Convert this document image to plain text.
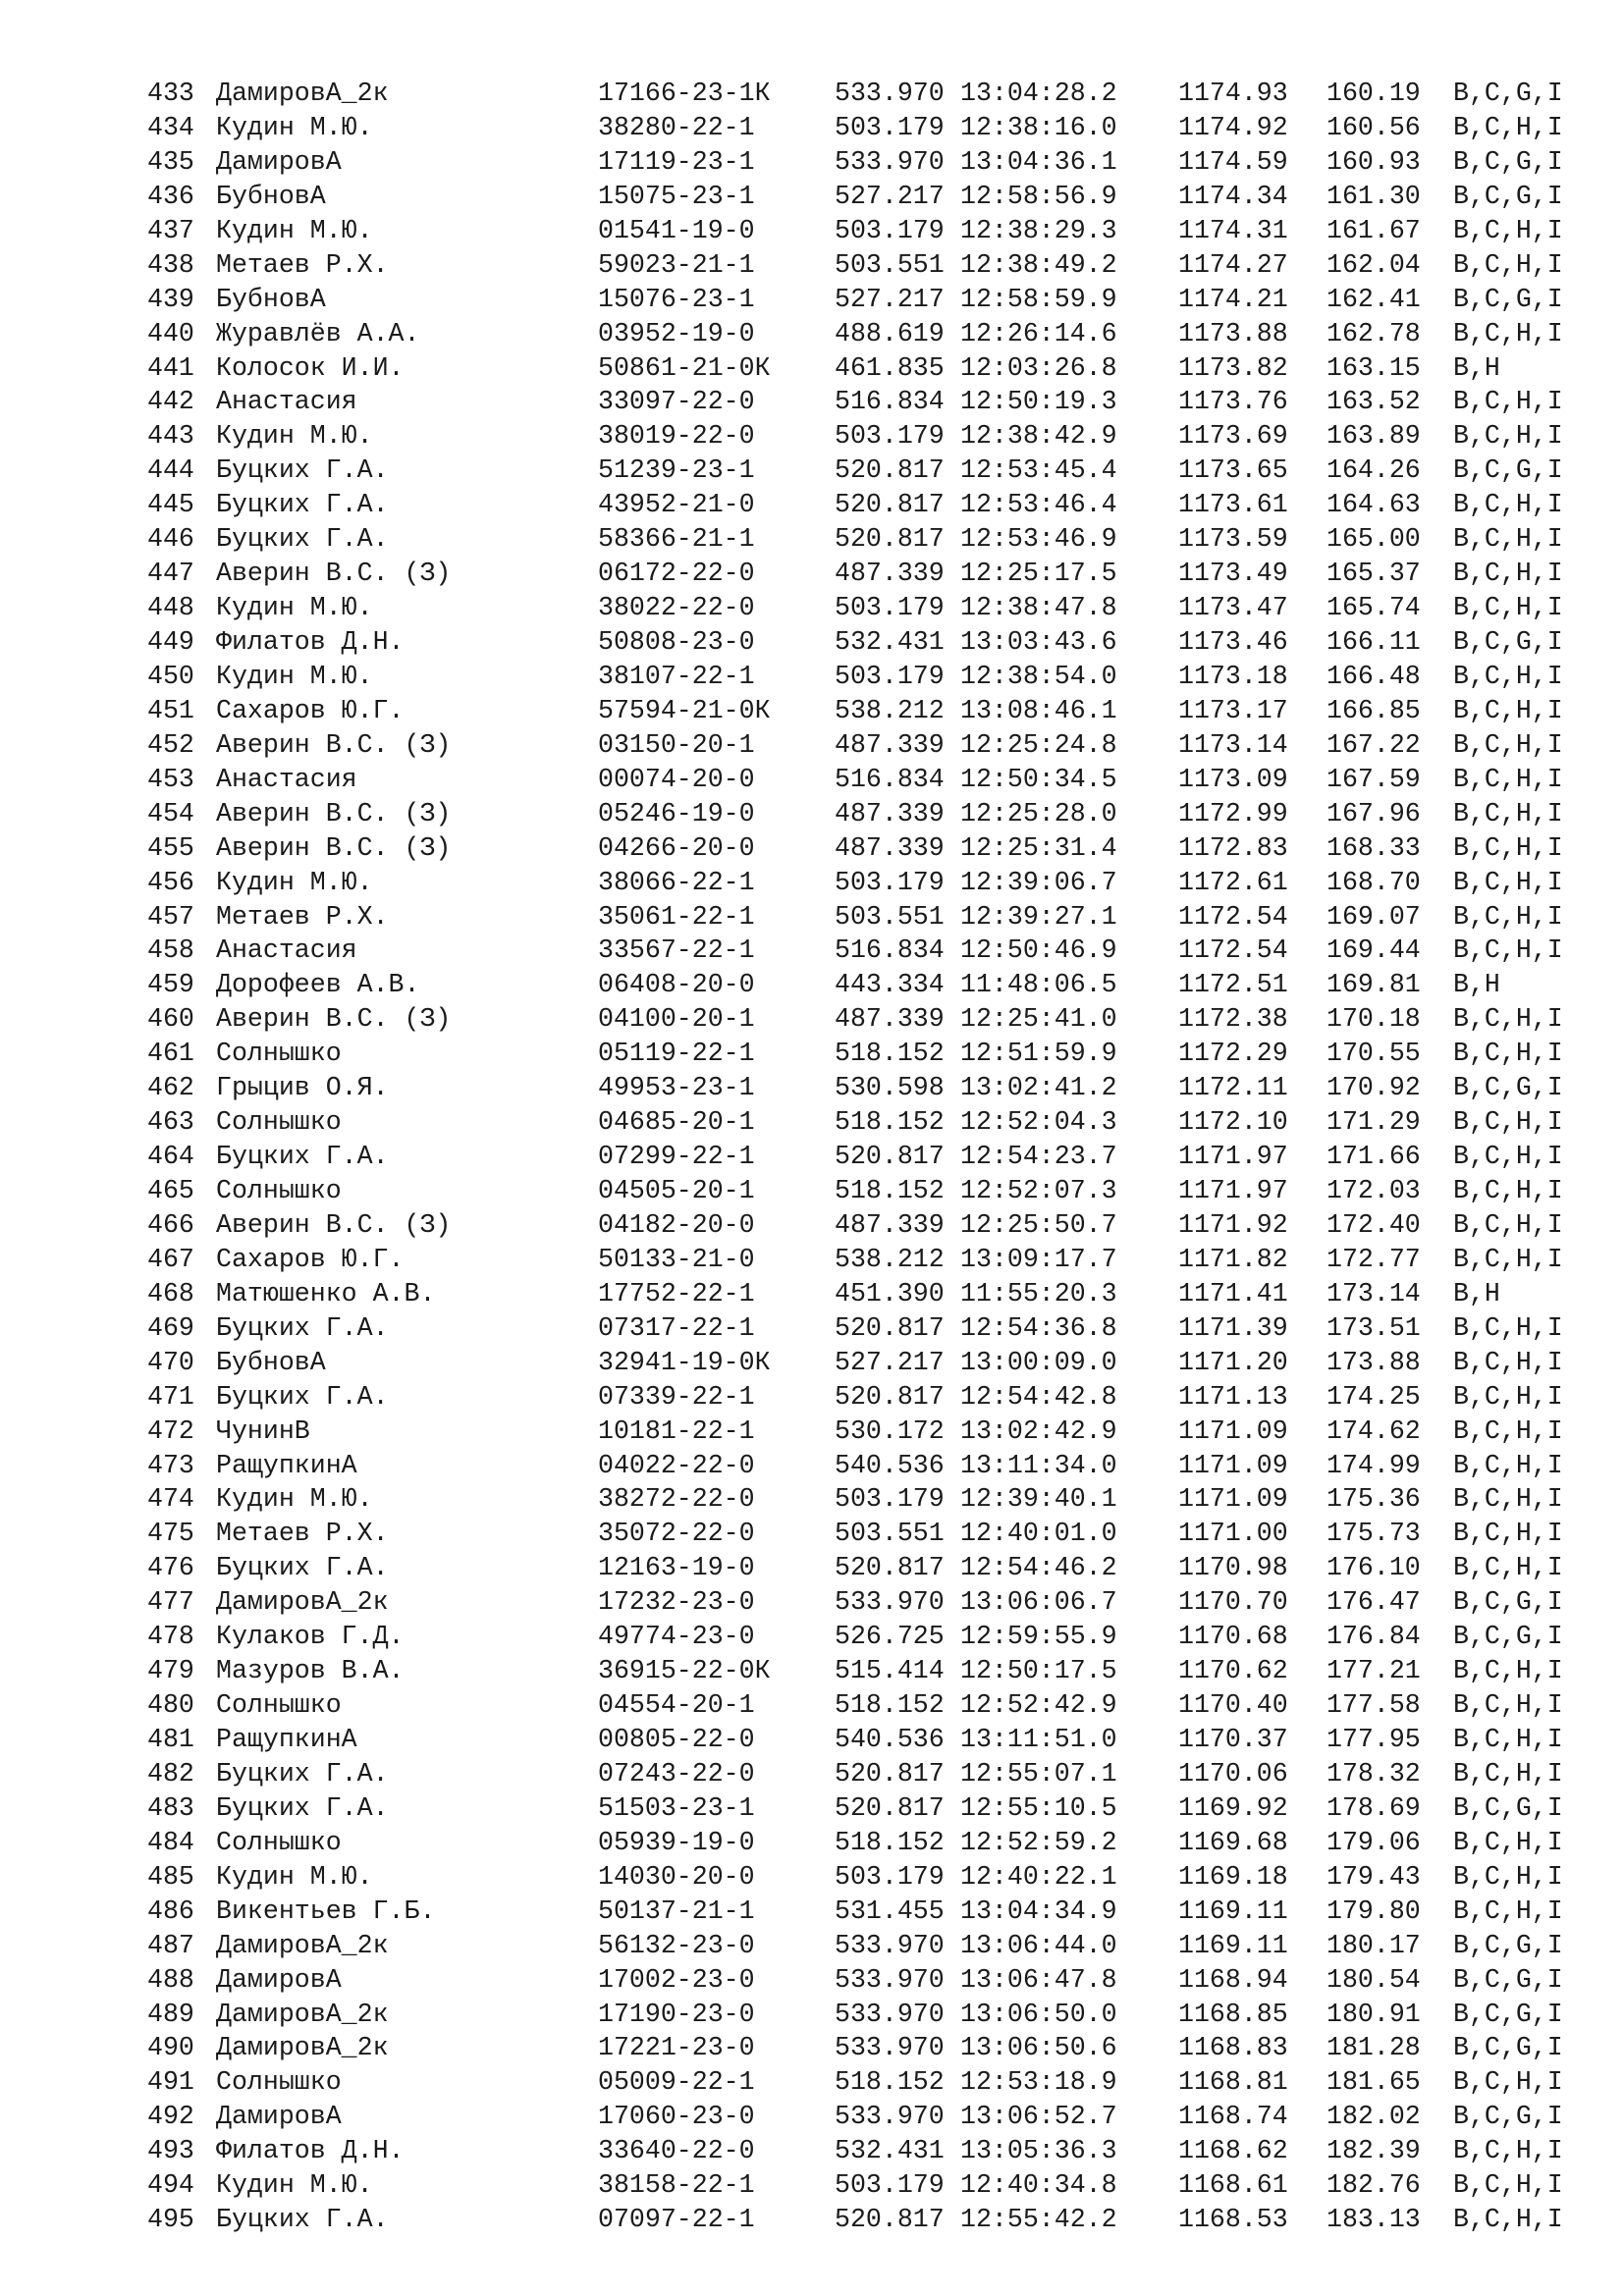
433 ДамировА_2к	17166-23-1К 533.970 13:04:28.2 1174.93 160.19 B,C,G,I
434 Кудин М.Ю.	38280-22-1	503.179 12:38:16.0 1174.92 160.56 B,C,H,I
435 ДамировА	17119-23-1	533.970 13:04:36.1 1174.59 160.93 B,C,G,I
436 БубновА	15075-23-1	527.217 12:58:56.9 1174.34 161.30 B,C,G,I
437 Кудин М.Ю.	01541-19-0	503.179 12:38:29.3 1174.31 161.67 B,C,H,I
438 Метаев Р.Х.	59023-21-1	503.551 12:38:49.2 1174.27 162.04 B,C,H,I
439 БубновА	15076-23-1	527.217 12:58:59.9 1174.21 162.41 B,C,G,I
440 Журавлёв А.А.	03952-19-0	488.619 12:26:14.6 1173.88 162.78 B,C,H,I
441 Колосок И.И.	50861-21-0К 461.835 12:03:26.8 1173.82 163.15 B,H
442 Анастасия	33097-22-0	516.834 12:50:19.3 1173.76 163.52 B,C,H,I
443 Кудин М.Ю.	38019-22-0	503.179 12:38:42.9 1173.69 163.89 B,C,H,I
444 Буцких Г.А.	51239-23-1	520.817 12:53:45.4 1173.65 164.26 B,C,G,I
445 Буцких Г.А.	43952-21-0	520.817 12:53:46.4 1173.61 164.63 B,C,H,I
446 Буцких Г.А.	58366-21-1	520.817 12:53:46.9 1173.59 165.00 B,C,H,I
447 Аверин В.С. (З)	06172-22-0	487.339 12:25:17.5 1173.49 165.37 B,C,H,I
448 Кудин М.Ю.	38022-22-0	503.179 12:38:47.8 1173.47 165.74 B,C,H,I
449 Филатов Д.Н.	50808-23-0	532.431 13:03:43.6 1173.46 166.11 B,C,G,I
450 Кудин М.Ю.	38107-22-1	503.179 12:38:54.0 1173.18 166.48 B,C,H,I
451 Сахаров Ю.Г.	57594-21-0К 538.212 13:08:46.1 1173.17 166.85 B,C,H,I
452 Аверин В.С. (З)	03150-20-1	487.339 12:25:24.8 1173.14 167.22 B,C,H,I
453 Анастасия	00074-20-0	516.834 12:50:34.5 1173.09 167.59 B,C,H,I
454 Аверин В.С. (З)	05246-19-0	487.339 12:25:28.0 1172.99 167.96 B,C,H,I
455 Аверин В.С. (З)	04266-20-0	487.339 12:25:31.4 1172.83 168.33 B,C,H,I
456 Кудин М.Ю.	38066-22-1	503.179 12:39:06.7 1172.61 168.70 B,C,H,I
457 Метаев Р.Х.	35061-22-1	503.551 12:39:27.1 1172.54 169.07 B,C,H,I
458 Анастасия	33567-22-1	516.834 12:50:46.9 1172.54 169.44 B,C,H,I
459 Дорофеев А.В.	06408-20-0	443.334 11:48:06.5 1172.51 169.81 B,H
460 Аверин В.С. (З)	04100-20-1	487.339 12:25:41.0 1172.38 170.18 B,C,H,I
461 Солнышко	05119-22-1	518.152 12:51:59.9 1172.29 170.55 B,C,H,I
462 Грыцив О.Я.	49953-23-1	530.598 13:02:41.2 1172.11 170.92 B,C,G,I
463 Солнышко	04685-20-1	518.152 12:52:04.3 1172.10 171.29 B,C,H,I
464 Буцких Г.А.	07299-22-1	520.817 12:54:23.7 1171.97 171.66 B,C,H,I
465 Солнышко	04505-20-1	518.152 12:52:07.3 1171.97 172.03 B,C,H,I
466 Аверин В.С. (З)	04182-20-0	487.339 12:25:50.7 1171.92 172.40 B,C,H,I
467 Сахаров Ю.Г.	50133-21-0	538.212 13:09:17.7 1171.82 172.77 B,C,H,I
468 Матюшенко А.В.	17752-22-1	451.390 11:55:20.3 1171.41 173.14 B,H
469 Буцких Г.А.	07317-22-1	520.817 12:54:36.8 1171.39 173.51 B,C,H,I
470 БубновА	32941-19-0К 527.217 13:00:09.0 1171.20 173.88 B,C,H,I
471 Буцких Г.А.	07339-22-1	520.817 12:54:42.8 1171.13 174.25 B,C,H,I
472 ЧунинВ	10181-22-1	530.172 13:02:42.9 1171.09 174.62 B,C,H,I
473 РащупкинА	04022-22-0	540.536 13:11:34.0 1171.09 174.99 B,C,H,I
474 Кудин М.Ю.	38272-22-0	503.179 12:39:40.1 1171.09 175.36 B,C,H,I
475 Метаев Р.Х.	35072-22-0	503.551 12:40:01.0 1171.00 175.73 B,C,H,I
476 Буцких Г.А.	12163-19-0	520.817 12:54:46.2 1170.98 176.10 B,C,H,I
477 ДамировА_2к	17232-23-0	533.970 13:06:06.7 1170.70 176.47 B,C,G,I
478 Кулаков Г.Д.	49774-23-0	526.725 12:59:55.9 1170.68 176.84 B,C,G,I
479 Мазуров В.А.	36915-22-0К 515.414 12:50:17.5 1170.62 177.21 B,C,H,I
480 Солнышко	04554-20-1	518.152 12:52:42.9 1170.40 177.58 B,C,H,I
481 РащупкинА	00805-22-0	540.536 13:11:51.0 1170.37 177.95 B,C,H,I
482 Буцких Г.А.	07243-22-0	520.817 12:55:07.1 1170.06 178.32 B,C,H,I
483 Буцких Г.А.	51503-23-1	520.817 12:55:10.5 1169.92 178.69 B,C,G,I
484 Солнышко	05939-19-0	518.152 12:52:59.2 1169.68 179.06 B,C,H,I
485 Кудин М.Ю.	14030-20-0	503.179 12:40:22.1 1169.18 179.43 B,C,H,I
486 Викентьев Г.Б.	50137-21-1	531.455 13:04:34.9 1169.11 179.80 B,C,H,I
487 ДамировА_2к	56132-23-0	533.970 13:06:44.0 1169.11 180.17 B,C,G,I
488 ДамировА	17002-23-0	533.970 13:06:47.8 1168.94 180.54 B,C,G,I
489 ДамировА_2к	17190-23-0	533.970 13:06:50.0 1168.85 180.91 B,C,G,I
490 ДамировА_2к	17221-23-0	533.970 13:06:50.6 1168.83 181.28 B,C,G,I
491 Солнышко	05009-22-1	518.152 12:53:18.9 1168.81 181.65 B,C,H,I
492 ДамировА	17060-23-0	533.970 13:06:52.7 1168.74 182.02 B,C,G,I
493 Филатов Д.Н.	33640-22-0	532.431 13:05:36.3 1168.62 182.39 B,C,H,I
494 Кудин М.Ю.	38158-22-1	503.179 12:40:34.8 1168.61 182.76 B,C,H,I
495 Буцких Г.А.	07097-22-1	520.817 12:55:42.2 1168.53 183.13 B,C,H,I
